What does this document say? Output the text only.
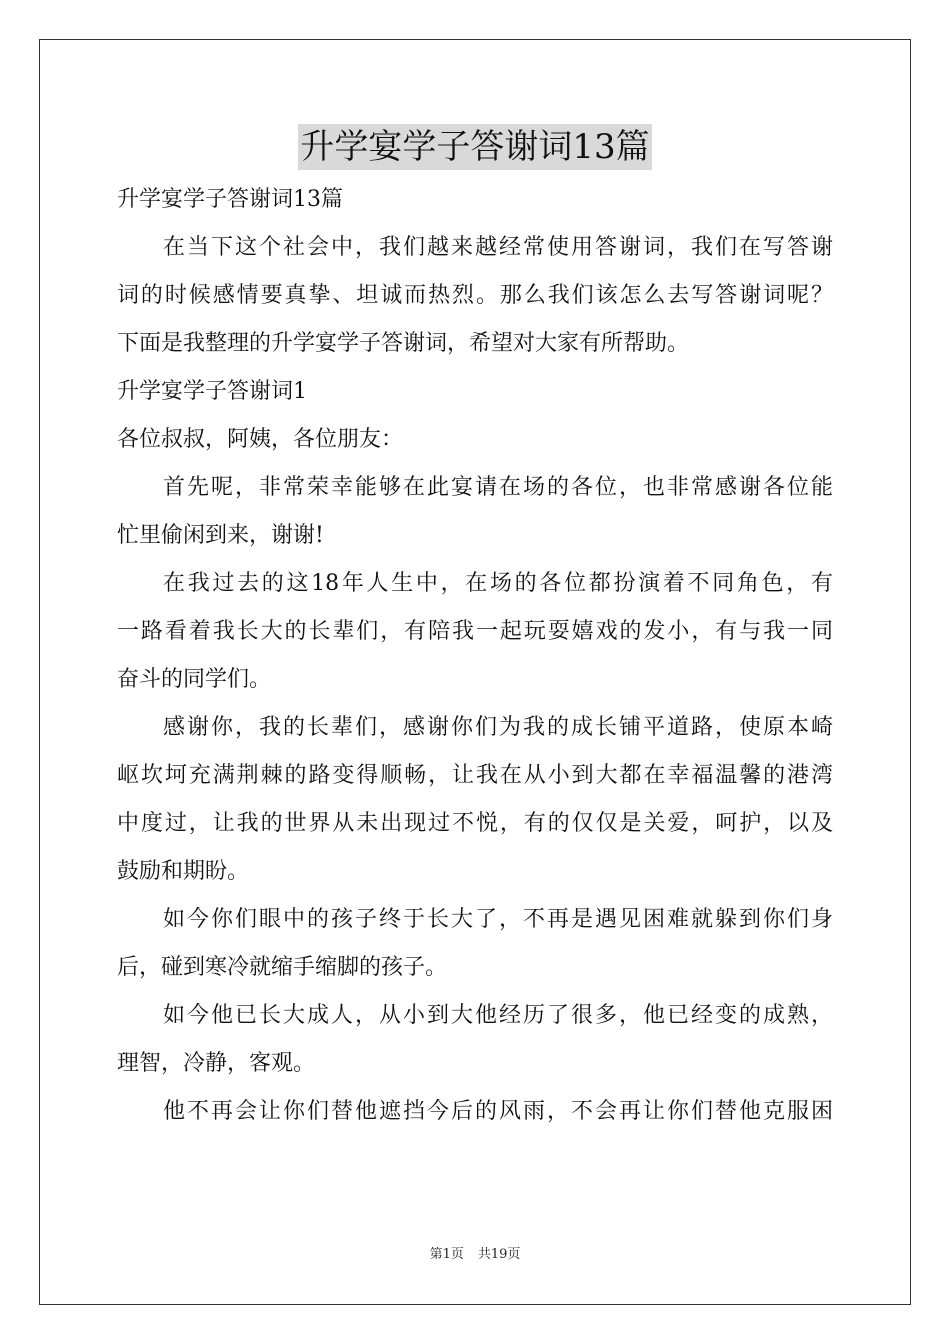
升学宴学子答谢词13篇
升学宴学子答谢词13篇
在当下这个社会中，我们越来越经常使用答谢词，我们在写答谢
词的时候感情要真挚、坦诚而热烈。那么我们该怎么去写答谢词呢？
下面是我整理的升学宴学子答谢词，希望对大家有所帮助。
升学宴学子答谢词1
各位叔叔，阿姨，各位朋友：
首先呢，非常荣幸能够在此宴请在场的各位，也非常感谢各位能
忙里偷闲到来，谢谢!
在我过去的这18年人生中，在场的各位都扮演着不同角色，有
一路看着我长大的长辈们，有陪我一起玩耍嬉戏的发小，有与我一同
奋斗的同学们。
感谢你，我的长辈们，感谢你们为我的成长铺平道路，使原本崎
岖坎坷充满荆棘的路变得顺畅，让我在从小到大都在幸福温馨的港湾
中度过，让我的世界从未出现过不悦，有的仅仅是关爱，呵护，以及
鼓励和期盼。
如今你们眼中的孩子终于长大了，不再是遇见困难就躲到你们身
后，碰到寒冷就缩手缩脚的孩子。
如今他已长大成人，从小到大他经历了很多，他已经变的成熟，
理智，冷静，客观。
他不再会让你们替他遮挡今后的风雨，不会再让你们替他克服困
第1页 共19页
